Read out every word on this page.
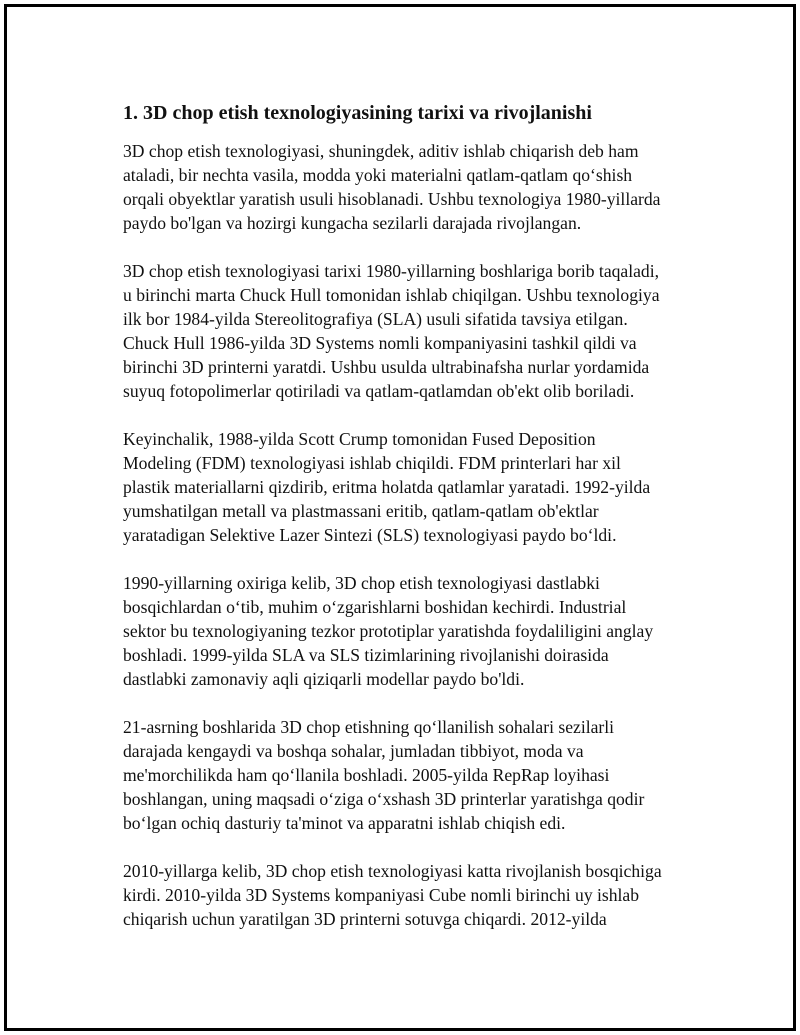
1. 3D chop etish texnologiyasining tarixi va rivojlanishi

3D chop etish texnologiyasi, shuningdek, aditiv ishlab chiqarish deb ham
ataladi, bir nechta vasila, modda yoki materialni qatlam-qatlam qo‘shish
orqali obyektlar yaratish usuli hisoblanadi. Ushbu texnologiya 1980-yillarda
paydo bo'lgan va hozirgi kungacha sezilarli darajada rivojlangan.

3D chop etish texnologiyasi tarixi 1980-yillarning boshlariga borib taqaladi,
u birinchi marta Chuck Hull tomonidan ishlab chiqilgan. Ushbu texnologiya
ilk bor 1984-yilda Stereolitografiya (SLA) usuli sifatida tavsiya etilgan.
Chuck Hull 1986-yilda 3D Systems nomli kompaniyasini tashkil qildi va
birinchi 3D printerni yaratdi. Ushbu usulda ultrabinafsha nurlar yordamida
suyuq fotopolimerlar qotiriladi va qatlam-qatlamdan ob'ekt olib boriladi.

Keyinchalik, 1988-yilda Scott Crump tomonidan Fused Deposition
Modeling (FDM) texnologiyasi ishlab chiqildi. FDM printerlari har xil
plastik materiallarni qizdirib, eritma holatda qatlamlar yaratadi. 1992-yilda
yumshatilgan metall va plastmassani eritib, qatlam-qatlam ob'ektlar
yaratadigan Selektive Lazer Sintezi (SLS) texnologiyasi paydo bo‘ldi.

1990-yillarning oxiriga kelib, 3D chop etish texnologiyasi dastlabki
bosqichlardan o‘tib, muhim o‘zgarishlarni boshidan kechirdi. Industrial
sektor bu texnologiyaning tezkor prototiplar yaratishda foydaliligini anglay
boshladi. 1999-yilda SLA va SLS tizimlarining rivojlanishi doirasida
dastlabki zamonaviy aqli qiziqarli modellar paydo bo'ldi.

21-asrning boshlarida 3D chop etishning qo‘llanilish sohalari sezilarli
darajada kengaydi va boshqa sohalar, jumladan tibbiyot, moda va
me'morchilikda ham qo‘llanila boshladi. 2005-yilda RepRap loyihasi
boshlangan, uning maqsadi o‘ziga o‘xshash 3D printerlar yaratishga qodir
bo‘lgan ochiq dasturiy ta'minot va apparatni ishlab chiqish edi.

2010-yillarga kelib, 3D chop etish texnologiyasi katta rivojlanish bosqichiga
kirdi. 2010-yilda 3D Systems kompaniyasi Cube nomli birinchi uy ishlab
chiqarish uchun yaratilgan 3D printerni sotuvga chiqardi. 2012-yilda
